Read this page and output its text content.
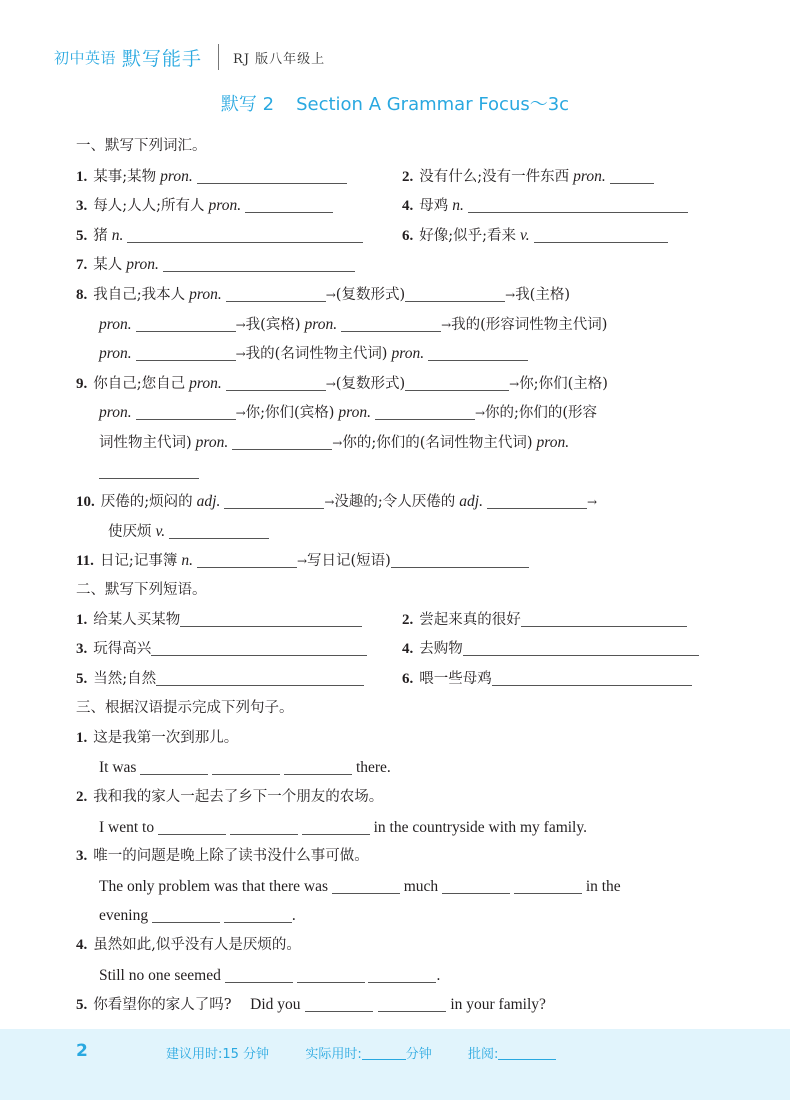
初中英语 默写能手 RJ 版八年级上
默写 2 Section A Grammar Focus～3c
一、默写下列词汇。
1. 某事;某物 pron.	2. 没有什么;没有一件东西 pron.
3. 每人;人人;所有人 pron.	4. 母鸡 n.
5. 猪 n.	6. 好像;似乎;看来 v.
7. 某人 pron.
8. 我自己;我本人 pron.	→(复数形式)	→我(主格)
pron.	→我(宾格) pron.	→我的(形容词性物主代词)
pron.	→我的(名词性物主代词) pron.
9. 你自己;您自己 pron.	→(复数形式)	→你;你们(主格)
pron.	→你;你们(宾格) pron.	→你的;你们的(形容
词性物主代词) pron.	→你的;你们的(名词性物主代词) pron.
10. 厌倦的;烦闷的 adj.	→没趣的;令人厌倦的 adj.	→
使厌烦 v.
11. 日记;记事簿 n.	→写日记(短语)
二、默写下列短语。
1. 给某人买某物	2. 尝起来真的很好
3. 玩得高兴	4. 去购物
5. 当然;自然	6. 喂一些母鸡
三、根据汉语提示完成下列句子。
1. 这是我第一次到那儿。
It was	there.
2. 我和我的家人一起去了乡下一个朋友的农场。
I went to	in the countryside with my family.
3. 唯一的问题是晚上除了读书没什么事可做。
The only problem was that there was	much	in the
evening	.
4. 虽然如此,似乎没有人是厌烦的。
Still no one seemed	.
5. 你看望你的家人了吗? Did you	in your family?
2	建议用时:15 分钟	实际用时:	分钟	批阅:
